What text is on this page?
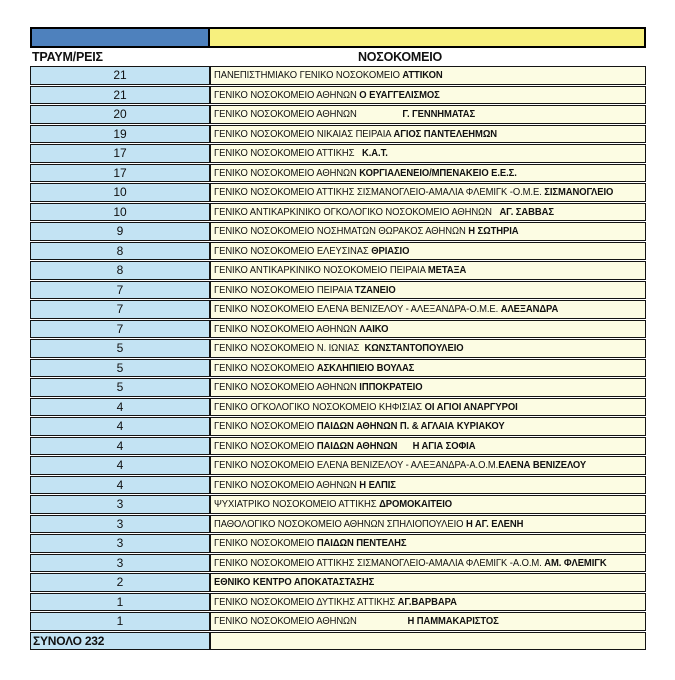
ΤΡΑΥΜ/ΡΕΙΣ	ΝΟΣΟΚΟΜΕΙΟ
21	ΠΑΝΕΠΙΣΤΗΜΙΑΚΟ ΓΕΝΙΚΟ ΝΟΣΟΚΟΜΕΙΟ ΑΤΤΙΚΟΝ
21	ΓΕΝΙΚΟ ΝΟΣΟΚΟΜΕΙΟ ΑΘΗΝΩΝ Ο ΕΥΑΓΓΕΛΙΣΜΟΣ
20	ΓΕΝΙΚΟ ΝΟΣΟΚΟΜΕΙΟ ΑΘΗΝΩΝ                  Γ. ΓΕΝΝΗΜΑΤΑΣ
19	ΓΕΝΙΚΟ ΝΟΣΟΚΟΜΕΙΟ ΝΙΚΑΙΑΣ ΠΕΙΡΑΙΑ ΑΓΙΟΣ ΠΑΝΤΕΛΕΗΜΩΝ
17	ΓΕΝΙΚΟ ΝΟΣΟΚΟΜΕΙΟ ΑΤΤΙΚΗΣ   Κ.Α.Τ.
17	ΓΕΝΙΚΟ ΝΟΣΟΚΟΜΕΙΟ ΑΘΗΝΩΝ ΚΟΡΓΙΑΛΕΝΕΙΟ/ΜΠΕΝΑΚΕΙΟ Ε.Ε.Σ.
10	ΓΕΝΙΚΟ ΝΟΣΟΚΟΜΕΙΟ ΑΤΤΙΚΗΣ ΣΙΣΜΑΝΟΓΛΕΙΟ-ΑΜΑΛΙΑ ΦΛΕΜΙΓΚ -Ο.Μ.Ε. ΣΙΣΜΑΝΟΓΛΕΙΟ
10	ΓΕΝΙΚΟ ΑΝΤΙΚΑΡΚΙΝΙΚΟ ΟΓΚΟΛΟΓΙΚΟ ΝΟΣΟΚΟΜΕΙΟ ΑΘΗΝΩΝ   ΑΓ. ΣΑΒΒΑΣ
9	ΓΕΝΙΚΟ ΝΟΣΟΚΟΜΕΙΟ ΝΟΣΗΜΑΤΩΝ ΘΩΡΑΚΟΣ ΑΘΗΝΩΝ Η ΣΩΤΗΡΙΑ
8	ΓΕΝΙΚΟ ΝΟΣΟΚΟΜΕΙΟ ΕΛΕΥΣΙΝΑΣ ΘΡΙΑΣΙΟ
8	ΓΕΝΙΚΟ ΑΝΤΙΚΑΡΚΙΝΙΚΟ ΝΟΣΟΚΟΜΕΙΟ ΠΕΙΡΑΙΑ ΜΕΤΑΞΑ
7	ΓΕΝΙΚΟ ΝΟΣΟΚΟΜΕΙΟ ΠΕΙΡΑΙΑ ΤΖΑΝΕΙΟ
7	ΓΕΝΙΚΟ ΝΟΣΟΚΟΜΕΙΟ ΕΛΕΝΑ ΒΕΝΙΖΕΛΟΥ - ΑΛΕΞΑΝΔΡΑ-Ο.Μ.Ε. ΑΛΕΞΑΝΔΡΑ
7	ΓΕΝΙΚΟ ΝΟΣΟΚΟΜΕΙΟ ΑΘΗΝΩΝ ΛΑΙΚΟ
5	ΓΕΝΙΚΟ ΝΟΣΟΚΟΜΕΙΟ Ν. ΙΩΝΙΑΣ  ΚΩΝΣΤΑΝΤΟΠΟΥΛΕΙΟ
5	ΓΕΝΙΚΟ ΝΟΣΟΚΟΜΕΙΟ ΑΣΚΛΗΠΙΕΙΟ ΒΟΥΛΑΣ
5	ΓΕΝΙΚΟ ΝΟΣΟΚΟΜΕΙΟ ΑΘΗΝΩΝ ΙΠΠΟΚΡΑΤΕΙΟ
4	ΓΕΝΙΚΟ ΟΓΚΟΛΟΓΙΚΟ ΝΟΣΟΚΟΜΕΙΟ ΚΗΦΙΣΙΑΣ ΟΙ ΑΓΙΟΙ ΑΝΑΡΓΥΡΟΙ
4	ΓΕΝΙΚΟ ΝΟΣΟΚΟΜΕΙΟ ΠΑΙΔΩΝ ΑΘΗΝΩΝ Π. & ΑΓΛΑΙΑ ΚΥΡΙΑΚΟΥ
4	ΓΕΝΙΚΟ ΝΟΣΟΚΟΜΕΙΟ ΠΑΙΔΩΝ ΑΘΗΝΩΝ      Η ΑΓΙΑ ΣΟΦΙΑ
4	ΓΕΝΙΚΟ ΝΟΣΟΚΟΜΕΙΟ ΕΛΕΝΑ ΒΕΝΙΖΕΛΟΥ - ΑΛΕΞΑΝΔΡΑ-Α.Ο.Μ.ΕΛΕΝΑ ΒΕΝΙΖΕΛΟΥ
4	ΓΕΝΙΚΟ ΝΟΣΟΚΟΜΕΙΟ ΑΘΗΝΩΝ Η ΕΛΠΙΣ
3	ΨΥΧΙΑΤΡΙΚΟ ΝΟΣΟΚΟΜΕΙΟ ΑΤΤΙΚΗΣ ΔΡΟΜΟΚΑΙΤΕΙΟ
3	ΠΑΘΟΛΟΓΙΚΟ ΝΟΣΟΚΟΜΕΙΟ ΑΘΗΝΩΝ ΣΠΗΛΙΟΠΟΥΛΕΙΟ Η ΑΓ. ΕΛΕΝΗ
3	ΓΕΝΙΚΟ ΝΟΣΟΚΟΜΕΙΟ ΠΑΙΔΩΝ ΠΕΝΤΕΛΗΣ
3	ΓΕΝΙΚΟ ΝΟΣΟΚΟΜΕΙΟ ΑΤΤΙΚΗΣ ΣΙΣΜΑΝΟΓΛΕΙΟ-ΑΜΑΛΙΑ ΦΛΕΜΙΓΚ -Α.Ο.Μ. ΑΜ. ΦΛΕΜΙΓΚ
2	ΕΘΝΙΚΟ ΚΕΝΤΡΟ ΑΠΟΚΑΤΑΣΤΑΣΗΣ
1	ΓΕΝΙΚΟ ΝΟΣΟΚΟΜΕΙΟ ΔΥΤΙΚΗΣ ΑΤΤΙΚΗΣ ΑΓ.ΒΑΡΒΑΡΑ
1	ΓΕΝΙΚΟ ΝΟΣΟΚΟΜΕΙΟ ΑΘΗΝΩΝ                    Η ΠΑΜΜΑΚΑΡΙΣΤΟΣ
ΣΥΝΟΛΟ 232
